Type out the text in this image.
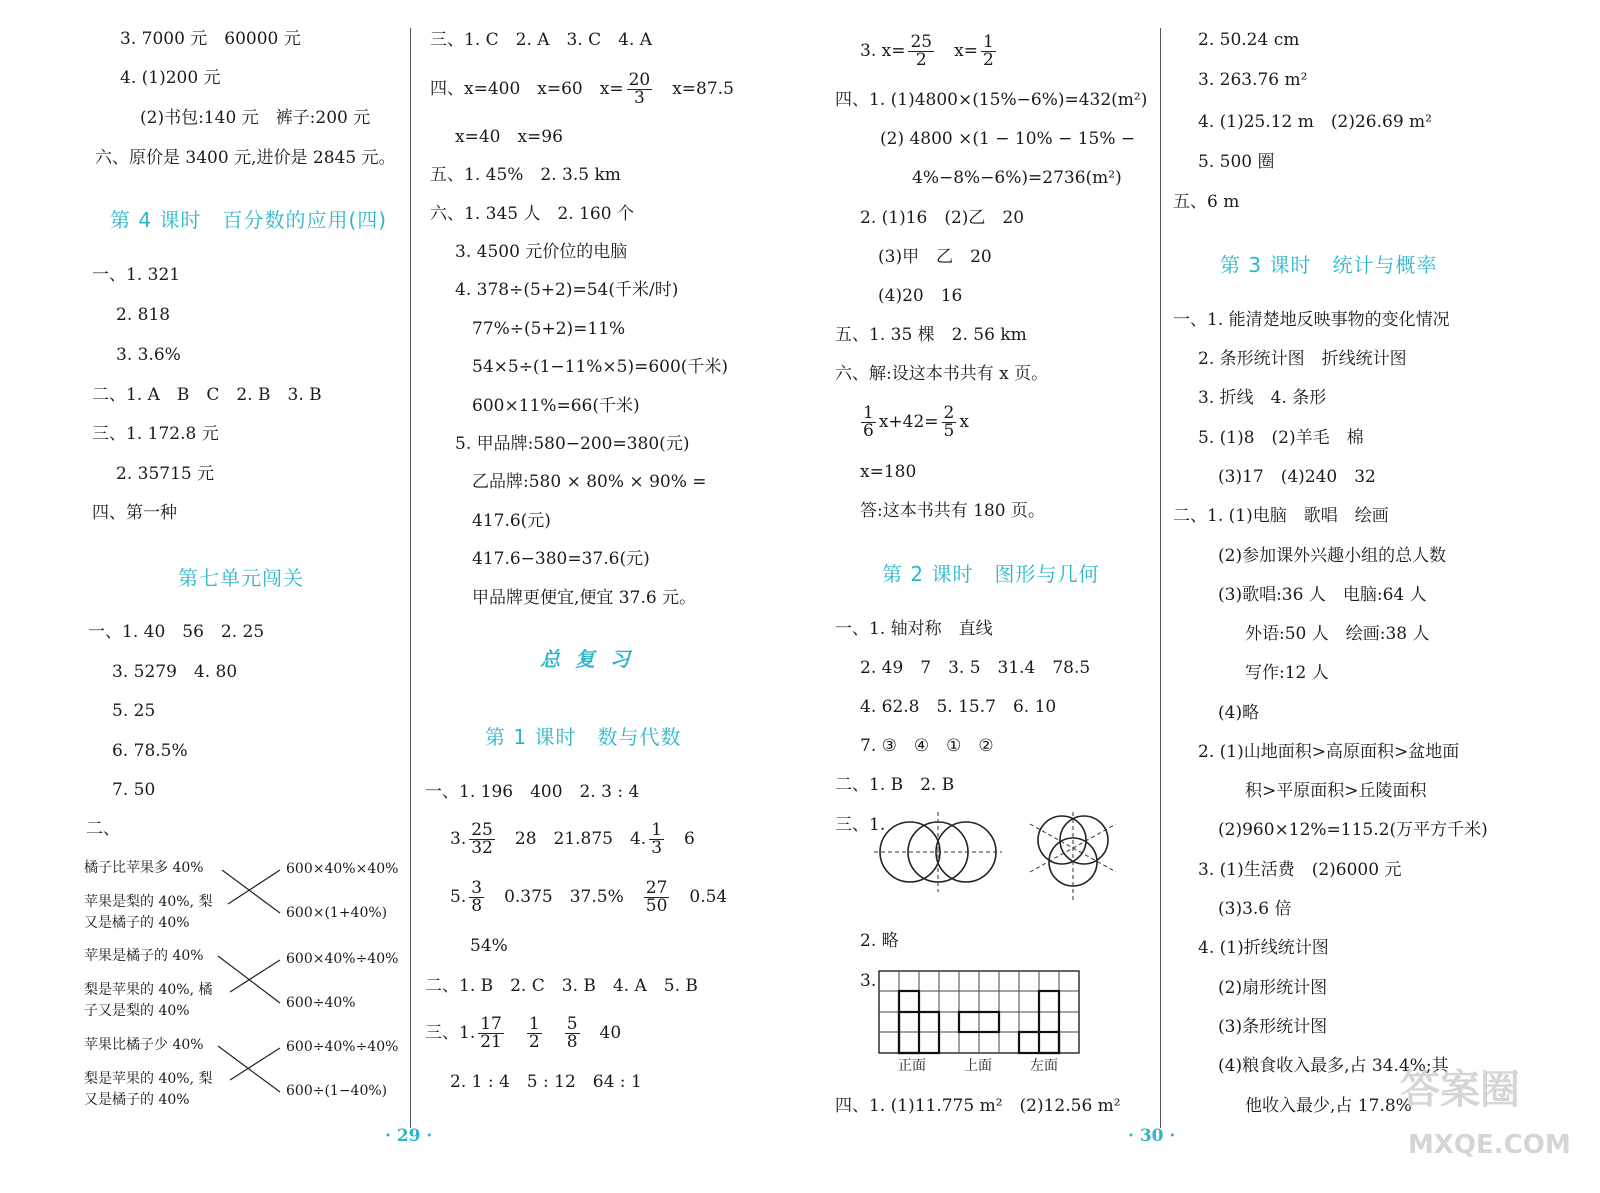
3. 7000 元　60000 元
4. (1)200 元
(2)书包:140 元　裤子:200 元
六、原价是 3400 元,进价是 2845 元。
第 4 课时　百分数的应用(四)
一、1. 321
2. 818
3. 3.6%
二、1. A　B　C　2. B　3. B
三、1. 172.8 元
2. 35715 元
四、第一种
第七单元闯关
一、1. 40　56　2. 25
3. 5279　4. 80
5. 25
6. 78.5%
7. 50
二、
橘子比苹果多 40%
苹果是梨的 40%, 梨
又是橘子的 40%
苹果是橘子的 40%
梨是苹果的 40%, 橘
子又是梨的 40%
苹果比橘子少 40%
梨是苹果的 40%, 梨
又是橘子的 40%
600×40%×40%
600×(1+40%)
600×40%÷40%
600÷40%
600÷40%÷40%
600÷(1−40%)
三、1. C　2. A　3. C　4. A
四、x=400　x=60　$x= \frac{20}{3}$
　 x=87.5
x=40　x=96
五、1. 45%　2. 3.5 km
六、1. 345 人　2. 160 个
3. 4500 元价位的电脑
4. 378÷(5+2)=54(千米/时)
77%÷(5+2)=11%
54×5÷(1−11%×5)=600(千米)
600×11%=66(千米)
5. 甲品牌:580−200=380(元)
乙品牌:580 × 80% × 90% =
417.6(元)
417.6−380=37.6(元)
甲品牌更便宜,便宜 37.6 元。
总 复 习
第 1 课时　数与代数
一、1. 196　400　2. 3 : 4
3. $\frac{25}{32}$
　 28　21.875　4. $\frac{1}{3}$
　 6
5. $\frac{3}{8}$
　 0.375　37.5%　 $\frac{27}{50}$
　 0.54
54%
二、1. B　2. C　3. B　4. A　5. B
三、1. $\frac{17}{21}$
　 $\frac{1}{2}$
　 $\frac{5}{8}$
　 40
2. 1 : 4　5 : 12　64 : 1
· 29 ·
3. $x= \frac{25}{2}$
　 $x= \frac{1}{2}$
四、1. (1)4800×(15%−6%)=432(m²)
(2) 4800 ×(1 − 10% − 15% −
4%−8%−6%)=2736(m²)
2. (1)16　(2)乙　20
(3)甲　乙　20
(4)20　16
五、1. 35 棵　2. 56 km
六、解:设这本书共有 x 页。
$\frac{1}{6} x+42= \frac{2}{5}$ x
x=180
答:这本书共有 180 页。
第 2 课时　图形与几何
一、1. 轴对称　直线
2. 49　7　3. 5　31.4　78.5
4. 62.8　5. 15.7　6. 10
7. ③　④　①　②
二、1. B　2. B
三、1.
2. 略
3.
正面	上面	左面
四、1. (1)11.775 m²　(2)12.56 m²
· 30 ·
2. 50.24 cm
3. 263.76 m²
4. (1)25.12 m　(2)26.69 m²
5. 500 圈
五、6 m
第 3 课时　统计与概率
一、1. 能清楚地反映事物的变化情况
2. 条形统计图　折线统计图
3. 折线　4. 条形
5. (1)8　(2)羊毛　棉
(3)17　(4)240　32
二、1. (1)电脑　歌唱　绘画
(2)参加课外兴趣小组的总人数
(3)歌唱:36 人　电脑:64 人
外语:50 人　绘画:38 人
写作:12 人
(4)略
2. (1)山地面积>高原面积>盆地面
积>平原面积>丘陵面积
(2)960×12%=115.2(万平方千米)
3. (1)生活费　(2)6000 元
(3)3.6 倍
4. (1)折线统计图
(2)扇形统计图
(3)条形统计图
(4)粮食收入最多,占 34.4%;其
他收入最少,占 17.8%
答案圈
MXQE.COM
